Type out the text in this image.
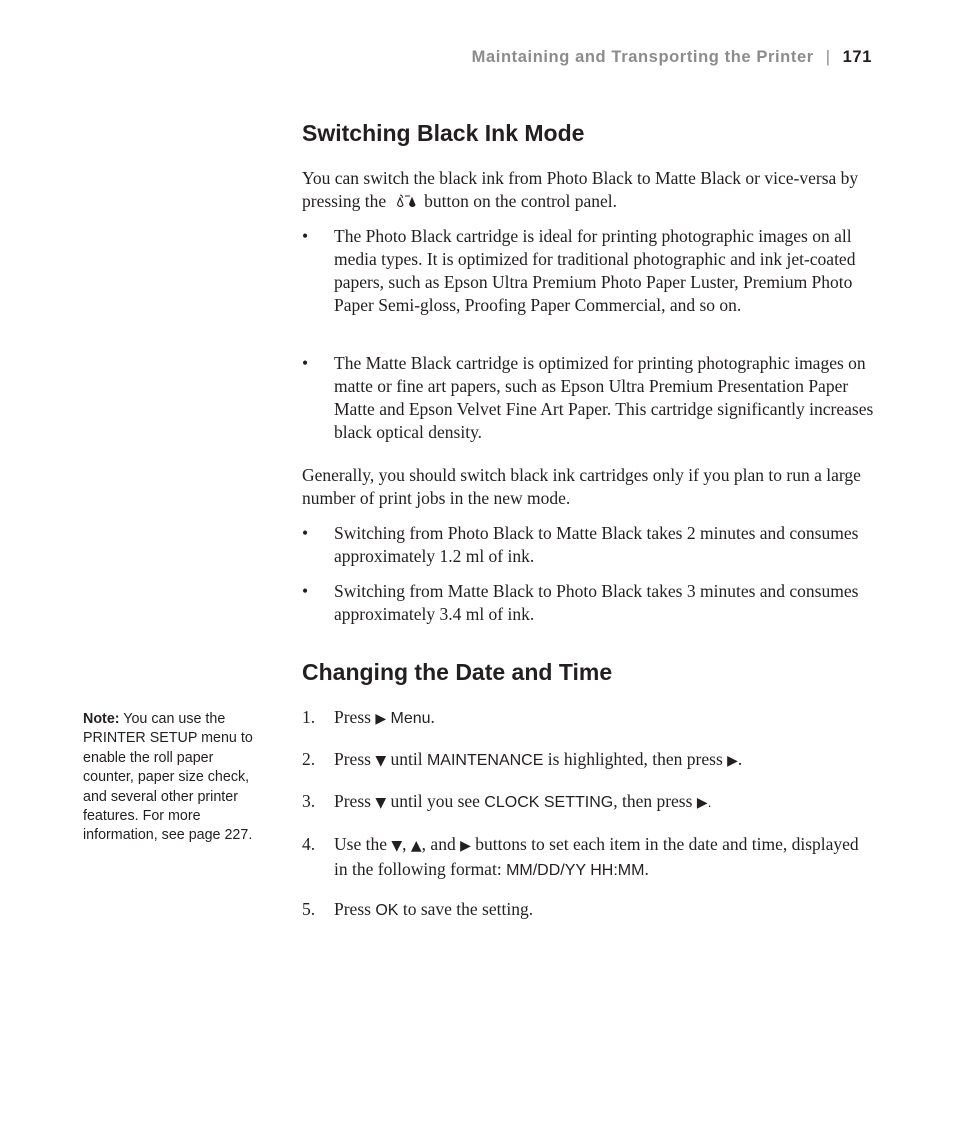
Maintaining and Transporting the Printer | 171
Switching Black Ink Mode

You can switch the black ink from Photo Black to Matte Black or vice-versa by pressing the button on the control panel.

• The Photo Black cartridge is ideal for printing photographic images on all media types. It is optimized for traditional photographic and ink jet-coated papers, such as Epson Ultra Premium Photo Paper Luster, Premium Photo Paper Semi-gloss, Proofing Paper Commercial, and so on.
• The Matte Black cartridge is optimized for printing photographic images on matte or fine art papers, such as Epson Ultra Premium Presentation Paper Matte and Epson Velvet Fine Art Paper. This cartridge significantly increases black optical density.

Generally, you should switch black ink cartridges only if you plan to run a large number of print jobs in the new mode.

• Switching from Photo Black to Matte Black takes 2 minutes and consumes approximately 1.2 ml of ink.
• Switching from Matte Black to Photo Black takes 3 minutes and consumes approximately 3.4 ml of ink.
Changing the Date and Time
1. Press ▶ Menu.
2. Press ▼ until MAINTENANCE is highlighted, then press ▶.
3. Press ▼ until you see CLOCK SETTING, then press ▶.
4. Use the ▼, ▲, and ▶ buttons to set each item in the date and time, displayed in the following format: MM/DD/YY HH:MM.
5. Press OK to save the setting.
Note: You can use the PRINTER SETUP menu to enable the roll paper counter, paper size check, and several other printer features. For more information, see page 227.
